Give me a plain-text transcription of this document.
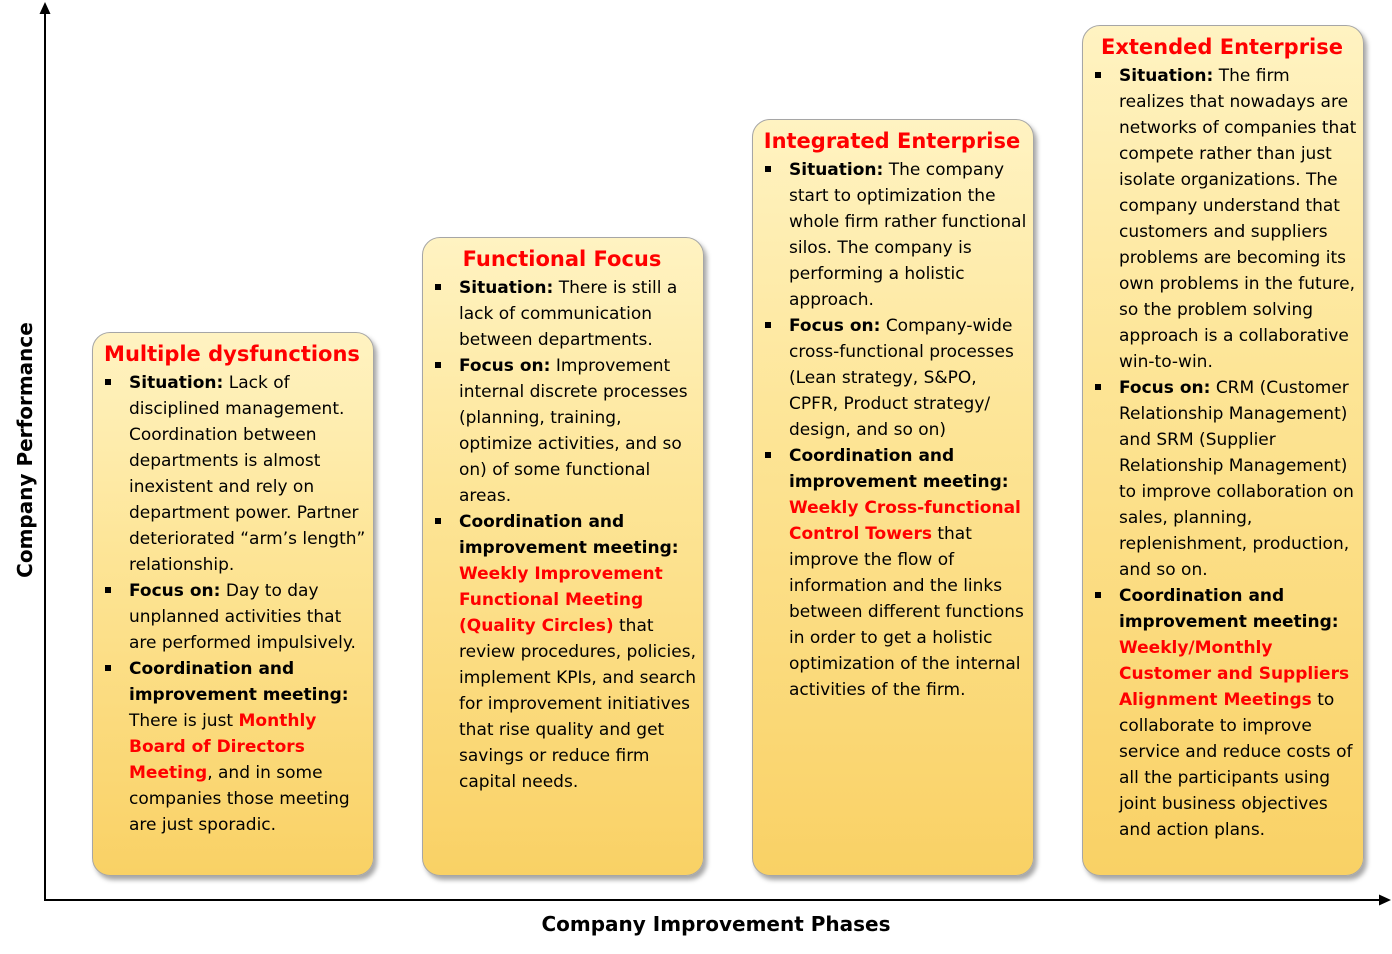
Company Performance
Company Improvement Phases
Multiple dysfunctions
Situation: Lack of disciplined management. Coordination between departments is almost inexistent and rely on department power. Partner deteriorated “arm’s length” relationship.
Focus on: Day to day unplanned activities that are performed impulsively.
Coordination and improvement meeting: There is just Monthly Board of Directors Meeting, and in some companies those meeting are just sporadic.
Functional Focus
Situation: There is still a lack of communication between departments.
Focus on: Improvement internal discrete processes (planning, training, optimize activities, and so on) of some functional areas.
Coordination and improvement meeting: Weekly Improvement Functional Meeting (Quality Circles) that review procedures, policies, implement KPIs, and search for improvement initiatives that rise quality and get savings or reduce firm capital needs.
Integrated Enterprise
Situation: The company start to optimization the whole firm rather functional silos. The company is performing a holistic approach.
Focus on: Company-wide cross-functional processes (Lean strategy, S&PO, CPFR, Product strategy/ design, and so on)
Coordination and improvement meeting: Weekly Cross-functional Control Towers that improve the flow of information and the links between different functions in order to get a holistic optimization of the internal activities of the firm.
Extended Enterprise
Situation: The firm realizes that nowadays are networks of companies that compete rather than just isolate organizations. The company understand that customers and suppliers problems are becoming its own problems in the future, so the problem solving approach is a collaborative win-to-win.
Focus on: CRM (Customer Relationship Management) and SRM (Supplier Relationship Management) to improve collaboration on sales, planning, replenishment, production, and so on.
Coordination and improvement meeting: Weekly/Monthly Customer and Suppliers Alignment Meetings to collaborate to improve service and reduce costs of all the participants using joint business objectives and action plans.
